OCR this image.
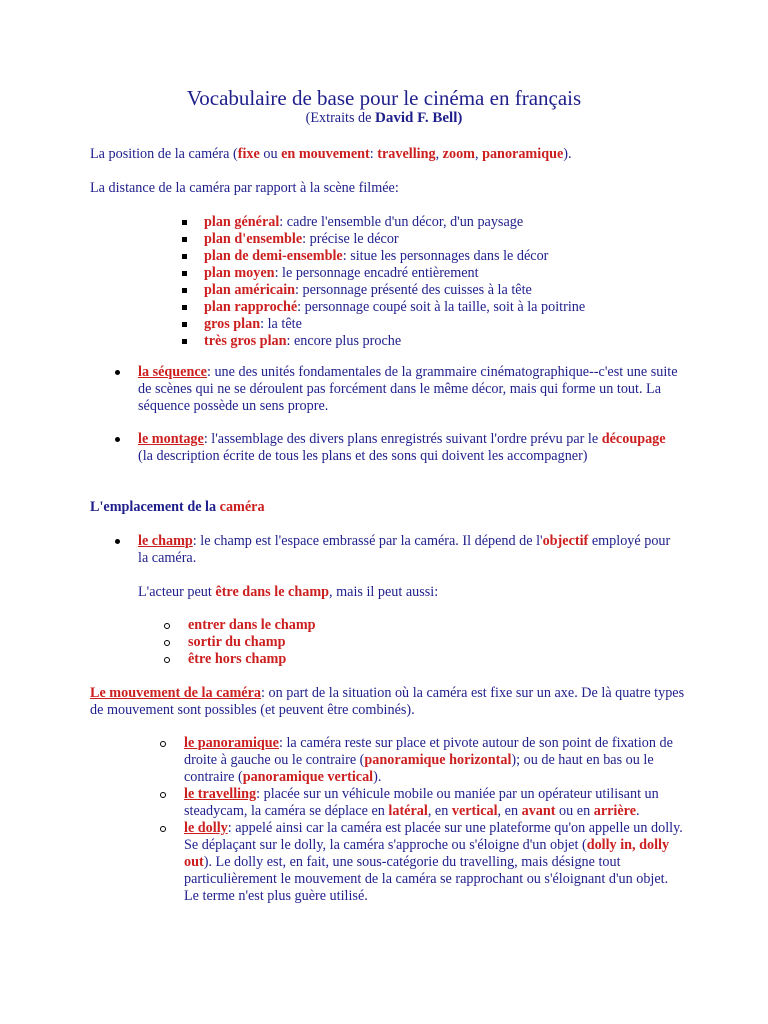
Vocabulaire de base pour le cinéma en français
(Extraits de David F. Bell)

La position de la caméra (fixe ou en mouvement: travelling, zoom, panoramique).

La distance de la caméra par rapport à la scène filmée:

plan général: cadre l'ensemble d'un décor, d'un paysage
plan d'ensemble: précise le décor
plan de demi-ensemble: situe les personnages dans le décor
plan moyen: le personnage encadré entièrement
plan américain: personnage présenté des cuisses à la tête
plan rapproché: personnage coupé soit à la taille, soit à la poitrine
gros plan: la tête
très gros plan: encore plus proche

la séquence: une des unités fondamentales de la grammaire cinématographique--c'est une suite de scènes qui ne se déroulent pas forcément dans le même décor, mais qui forme un tout. La séquence possède un sens propre.

le montage: l'assemblage des divers plans enregistrés suivant l'ordre prévu par le découpage (la description écrite de tous les plans et des sons qui doivent les accompagner)

L'emplacement de la caméra

le champ: le champ est l'espace embrassé par la caméra. Il dépend de l'objectif employé pour la caméra.

L'acteur peut être dans le champ, mais il peut aussi:

entrer dans le champ
sortir du champ
être hors champ

Le mouvement de la caméra: on part de la situation où la caméra est fixe sur un axe. De là quatre types de mouvement sont possibles (et peuvent être combinés).

le panoramique: la caméra reste sur place et pivote autour de son point de fixation de droite à gauche ou le contraire (panoramique horizontal); ou de haut en bas ou le contraire (panoramique vertical).
le travelling: placée sur un véhicule mobile ou maniée par un opérateur utilisant un steadycam, la caméra se déplace en latéral, en vertical, en avant ou en arrière.
le dolly: appelé ainsi car la caméra est placée sur une plateforme qu'on appelle un dolly. Se déplaçant sur le dolly, la caméra s'approche ou s'éloigne d'un objet (dolly in, dolly out). Le dolly est, en fait, une sous-catégorie du travelling, mais désigne tout particulièrement le mouvement de la caméra se rapprochant ou s'éloignant d'un objet. Le terme n'est plus guère utilisé.
